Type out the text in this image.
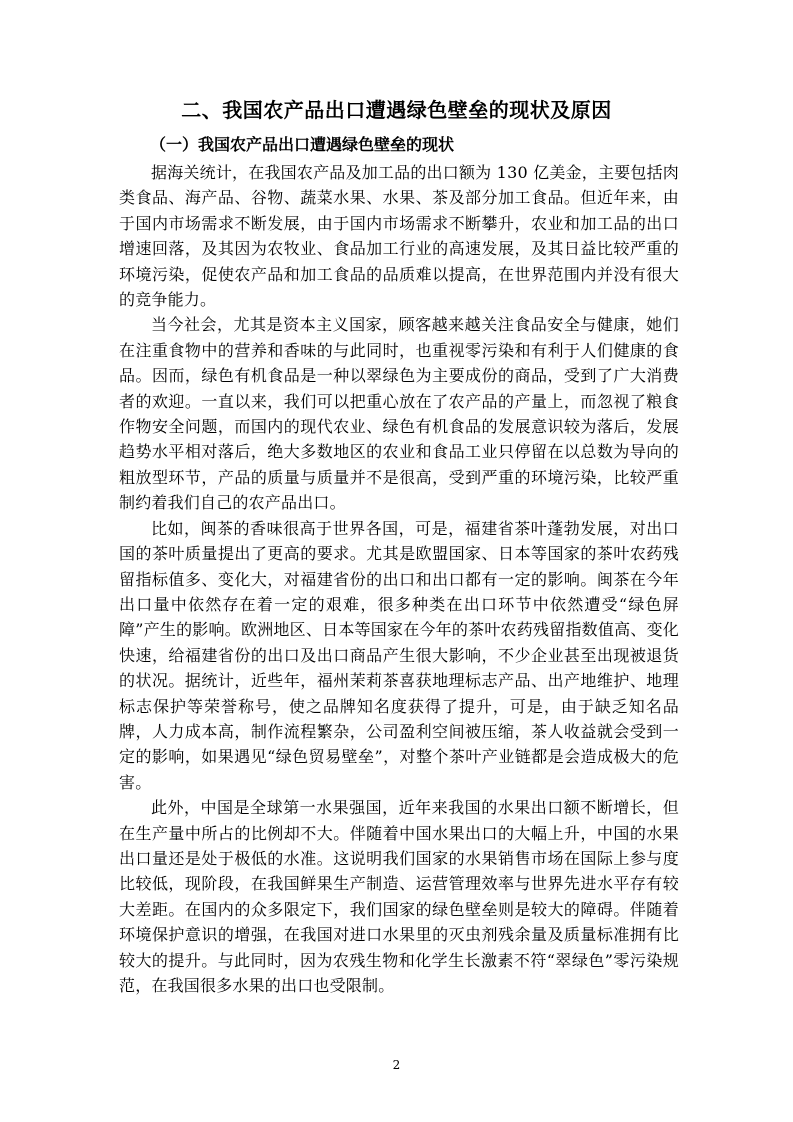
二、我国农产品出口遭遇绿色壁垒的现状及原因
（一）我国农产品出口遭遇绿色壁垒的现状

据海关统计，在我国农产品及加工品的出口额为 130 亿美金，主要包括肉类食品、海产品、谷物、蔬菜水果、水果、茶及部分加工食品。但近年来，由于国内市场需求不断发展，由于国内市场需求不断攀升，农业和加工品的出口增速回落，及其因为农牧业、食品加工行业的高速发展，及其日益比较严重的环境污染，促使农产品和加工食品的品质难以提高，在世界范围内并没有很大的竞争能力。

当今社会，尤其是资本主义国家，顾客越来越关注食品安全与健康，她们在注重食物中的营养和香味的与此同时，也重视零污染和有利于人们健康的食品。因而，绿色有机食品是一种以翠绿色为主要成份的商品，受到了广大消费者的欢迎。一直以来，我们可以把重心放在了农产品的产量上，而忽视了粮食作物安全问题，而国内的现代农业、绿色有机食品的发展意识较为落后，发展趋势水平相对落后，绝大多数地区的农业和食品工业只停留在以总数为导向的粗放型环节，产品的质量与质量并不是很高，受到严重的环境污染，比较严重制约着我们自己的农产品出口。

比如，闽茶的香味很高于世界各国，可是，福建省茶叶蓬勃发展，对出口国的茶叶质量提出了更高的要求。尤其是欧盟国家、日本等国家的茶叶农药残留指标值多、变化大，对福建省份的出口和出口都有一定的影响。闽茶在今年出口量中依然存在着一定的艰难，很多种类在出口环节中依然遭受“绿色屏障”产生的影响。欧洲地区、日本等国家在今年的茶叶农药残留指数值高、变化快速，给福建省份的出口及出口商品产生很大影响，不少企业甚至出现被退货的状况。据统计，近些年，福州茉莉茶喜获地理标志产品、出产地维护、地理标志保护等荣誉称号，使之品牌知名度获得了提升，可是，由于缺乏知名品牌，人力成本高，制作流程繁杂，公司盈利空间被压缩，茶人收益就会受到一定的影响，如果遇见“绿色贸易壁垒”，对整个茶叶产业链都是会造成极大的危害。

此外，中国是全球第一水果强国，近年来我国的水果出口额不断增长，但在生产量中所占的比例却不大。伴随着中国水果出口的大幅上升，中国的水果出口量还是处于极低的水准。这说明我们国家的水果销售市场在国际上参与度比较低，现阶段，在我国鲜果生产制造、运营管理效率与世界先进水平存有较大差距。在国内的众多限定下，我们国家的绿色壁垒则是较大的障碍。伴随着环境保护意识的增强，在我国对进口水果里的灭虫剂残余量及质量标准拥有比较大的提升。与此同时，因为农残生物和化学生长激素不符“翠绿色”零污染规范，在我国很多水果的出口也受限制。

2
